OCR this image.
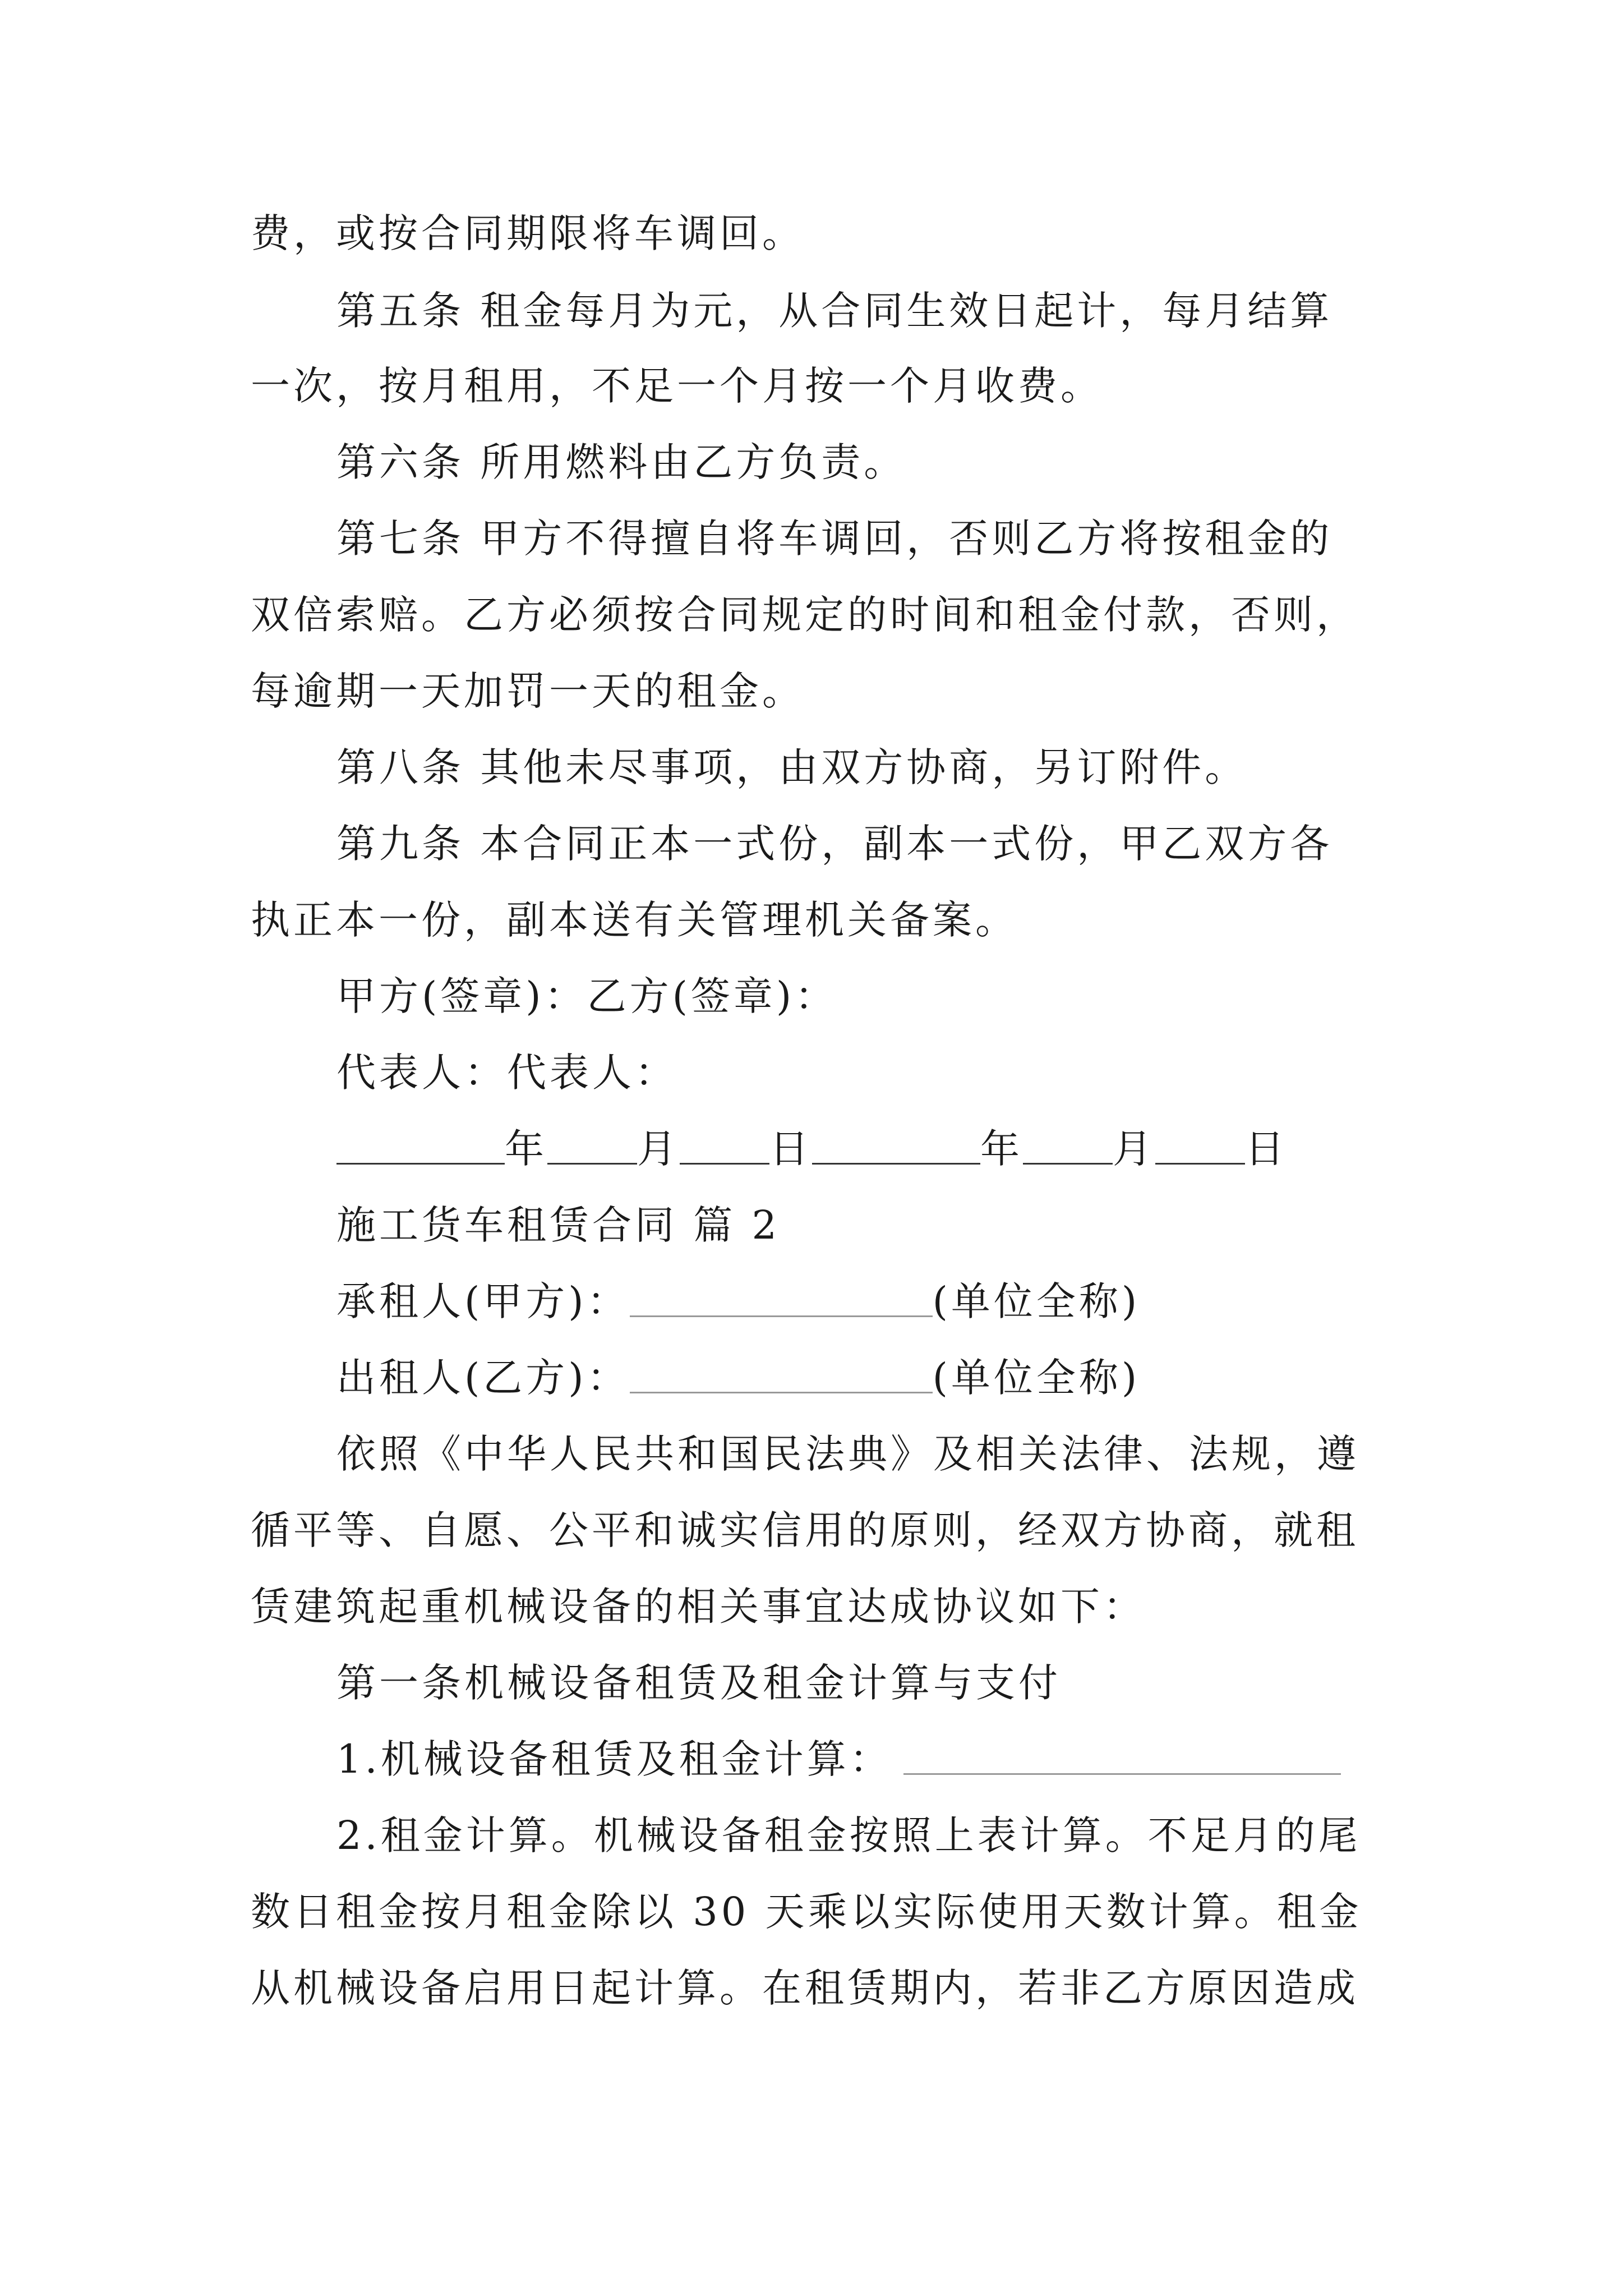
费，或按合同期限将车调回。
第五条 租金每月为元，从合同生效日起计，每月结算
一次，按月租用，不足一个月按一个月收费。
第六条 所用燃料由乙方负责。
第七条 甲方不得擅自将车调回，否则乙方将按租金的
双倍索赔。乙方必须按合同规定的时间和租金付款，否则，
每逾期一天加罚一天的租金。
第八条 其他未尽事项，由双方协商，另订附件。
第九条 本合同正本一式份，副本一式份，甲乙双方各
执正本一份，副本送有关管理机关备案。
甲方(签章)：乙方(签章)：
代表人：代表人：
年 月 日	年 月 日
施工货车租赁合同 篇 2
承租人(甲方)：	(单位全称)
出租人(乙方)：	(单位全称)
依照《中华人民共和国民法典》及相关法律、法规，遵
循平等、自愿、公平和诚实信用的原则，经双方协商，就租
赁建筑起重机械设备的相关事宜达成协议如下：
第一条机械设备租赁及租金计算与支付
1.机械设备租赁及租金计算：
2.租金计算。机械设备租金按照上表计算。不足月的尾
数日租金按月租金除以 30 天乘以实际使用天数计算。租金
从机械设备启用日起计算。在租赁期内，若非乙方原因造成
